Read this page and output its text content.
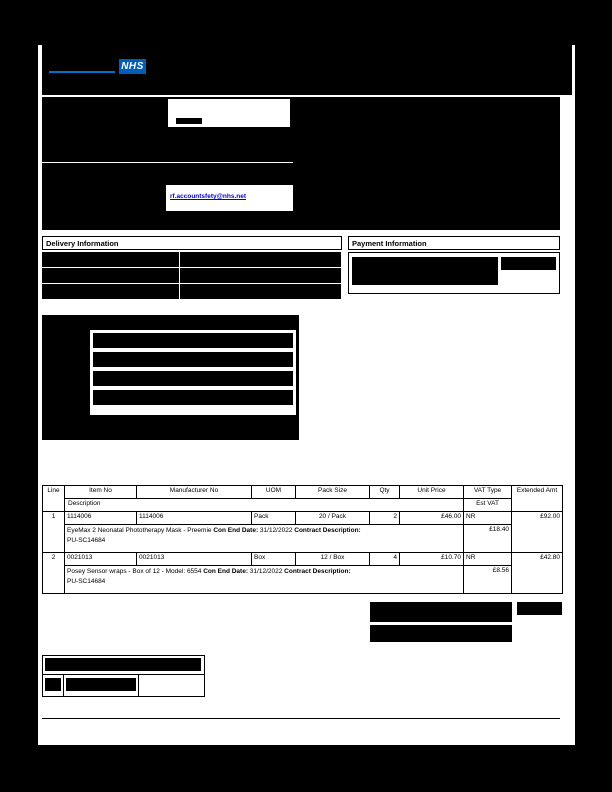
NHS
rf.accountsfety@nhs.net
Delivery Information	Payment Information
Line	Item No	Manufacturer No	UOM	Pack Size	Qty	Unit Price	VAT Type	Extended Amt
	Description						Est VAT	
1	1114006	1114006	Pack	20 / Pack	2	£46.00	NR	£92.00

	EyeMax 2 Neonatal Phototherapy Mask - Preemie Con End Date: 31/12/2022 Contract Description:
PU-SC14684						£18.40	
2	0021013	0021013	Box	12 / Box	4	£10.70	NR	£42.80

	Posey Sensor wraps - Box of 12 - Model: 6554 Con End Date: 31/12/2022 Contract Description:
PU-SC14684						£8.56	
